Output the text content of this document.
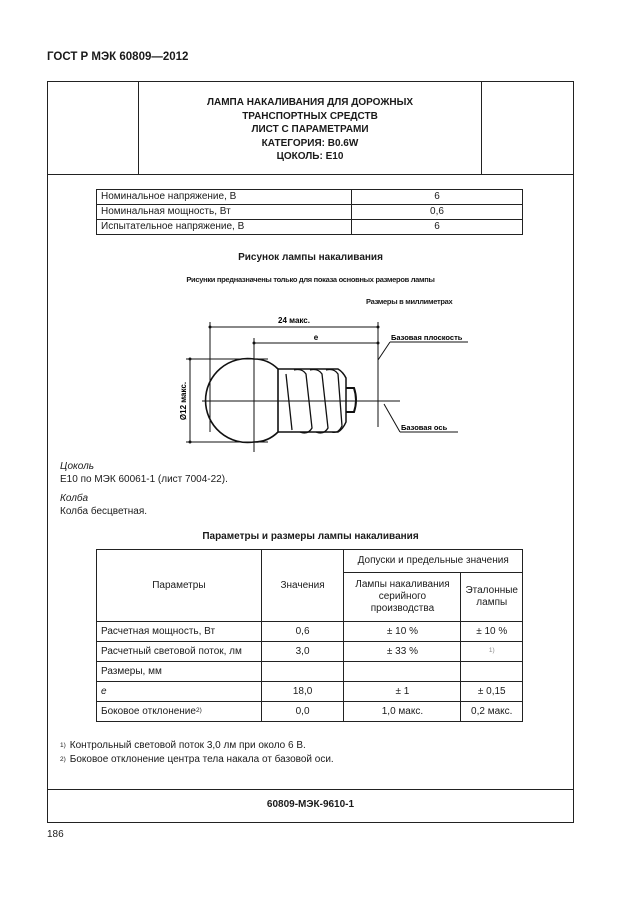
ГОСТ Р МЭК 60809—2012
ЛАМПА НАКАЛИВАНИЯ ДЛЯ ДОРОЖНЫХ
ТРАНСПОРТНЫХ СРЕДСТВ
ЛИСТ С ПАРАМЕТРАМИ
КАТЕГОРИЯ: B0.6W
ЦОКОЛЬ: E10
Номинальное напряжение, В	6
Номинальная мощность, Вт	0,6
Испытательное напряжение, В	6
Рисунок лампы накаливания
Рисунки предназначены только для показа основных размеров лампы
Размеры в миллиметрах
24 макс.
e
Ø12 макс.
Базовая плоскость
Базовая ось
Цоколь
E10 по МЭК 60061-1 (лист 7004-22).
Колба
Колба бесцветная.
Параметры и размеры лампы накаливания
Параметры	Значения	Допуски и предельные значения	
		Лампы накаливания серийного производства	Эталонные лампы
Расчетная мощность, Вт	0,6	± 10 %	± 10 %
Расчетный световой поток, лм	3,0	± 33 %	$^{1)}$
Размеры, мм			
e	18,0	± 1	± 0,15
Боковое отклонение$^{2)}$	0,0	1,0 макс.	0,2 макс.
$^{1)}$ Контрольный световой поток 3,0 лм при около 6 В.
$^{2)}$ Боковое отклонение центра тела накала от базовой оси.
60809-МЭК-9610-1
186
